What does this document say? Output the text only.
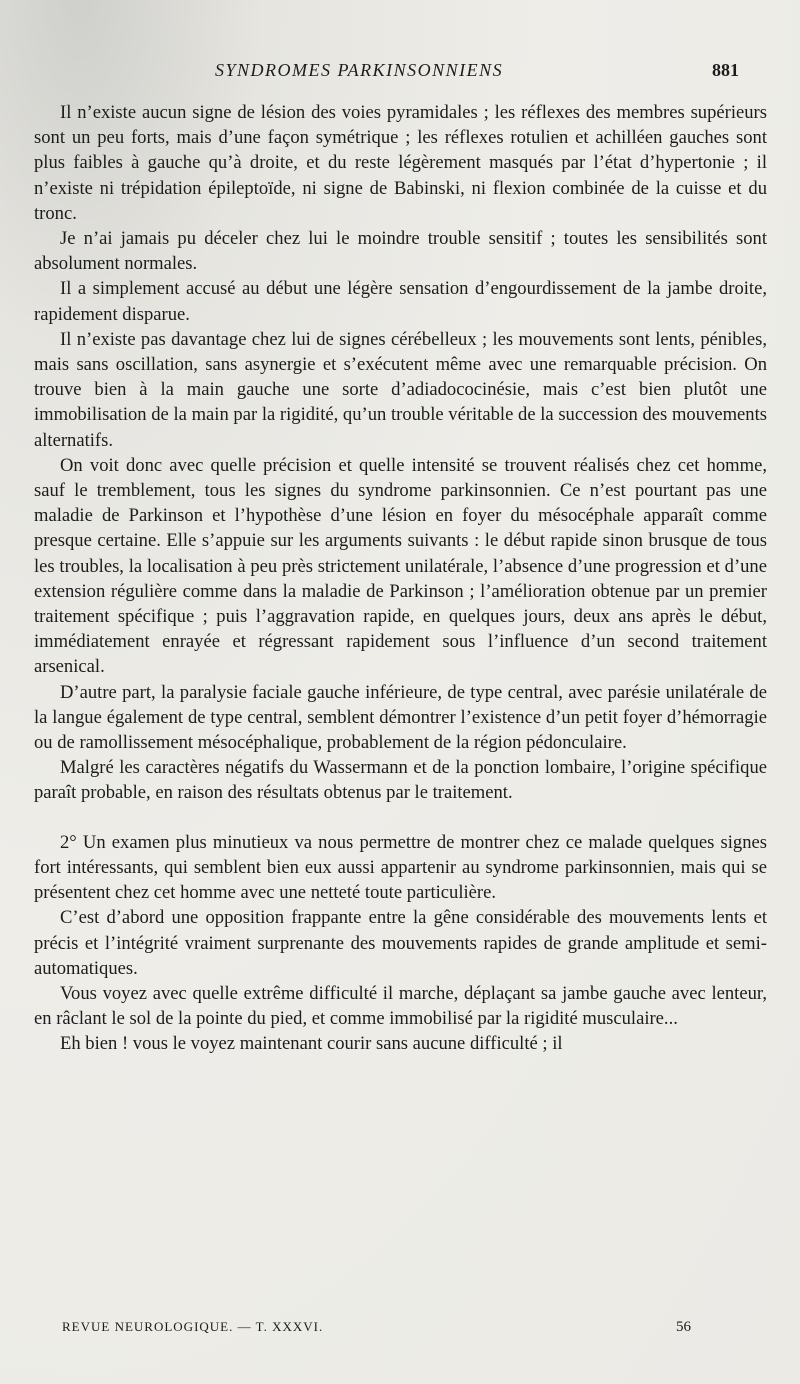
SYNDROMES PARKINSONNIENS	881

Il n’existe aucun signe de lésion des voies pyramidales ; les réflexes des membres supérieurs sont un peu forts, mais d’une façon symétrique ; les réflexes rotulien et achilléen gauches sont plus faibles à gauche qu’à droite, et du reste légèrement masqués par l’état d’hypertonie ; il n’existe ni trépidation épileptoïde, ni signe de Babinski, ni flexion combinée de la cuisse et du tronc.

Je n’ai jamais pu déceler chez lui le moindre trouble sensitif ; toutes les sensibilités sont absolument normales.

Il a simplement accusé au début une légère sensation d’engourdissement de la jambe droite, rapidement disparue.

Il n’existe pas davantage chez lui de signes cérébelleux ; les mouvements sont lents, pénibles, mais sans oscillation, sans asynergie et s’exécutent même avec une remarquable précision. On trouve bien à la main gauche une sorte d’adiadococinésie, mais c’est bien plutôt une immobilisation de la main par la rigidité, qu’un trouble véritable de la succession des mouvements alternatifs.

On voit donc avec quelle précision et quelle intensité se trouvent réalisés chez cet homme, sauf le tremblement, tous les signes du syndrome parkinsonnien. Ce n’est pourtant pas une maladie de Parkinson et l’hypothèse d’une lésion en foyer du mésocéphale apparaît comme presque certaine. Elle s’appuie sur les arguments suivants : le début rapide sinon brusque de tous les troubles, la localisation à peu près strictement unilatérale, l’absence d’une progression et d’une extension régulière comme dans la maladie de Parkinson ; l’amélioration obtenue par un premier traitement spécifique ; puis l’aggravation rapide, en quelques jours, deux ans après le début, immédiatement enrayée et régressant rapidement sous l’influence d’un second traitement arsenical.

D’autre part, la paralysie faciale gauche inférieure, de type central, avec parésie unilatérale de la langue également de type central, semblent démontrer l’existence d’un petit foyer d’hémorragie ou de ramollissement mésocéphalique, probablement de la région pédonculaire.

Malgré les caractères négatifs du Wassermann et de la ponction lombaire, l’origine spécifique paraît probable, en raison des résultats obtenus par le traitement.

2° Un examen plus minutieux va nous permettre de montrer chez ce malade quelques signes fort intéressants, qui semblent bien eux aussi appartenir au syndrome parkinsonnien, mais qui se présentent chez cet homme avec une netteté toute particulière.

C’est d’abord une opposition frappante entre la gêne considérable des mouvements lents et précis et l’intégrité vraiment surprenante des mouvements rapides de grande amplitude et semi-automatiques.

Vous voyez avec quelle extrême difficulté il marche, déplaçant sa jambe gauche avec lenteur, en râclant le sol de la pointe du pied, et comme immobilisé par la rigidité musculaire...

Eh bien ! vous le voyez maintenant courir sans aucune difficulté ; il

REVUE NEUROLOGIQUE. — T. XXXVI.	56
